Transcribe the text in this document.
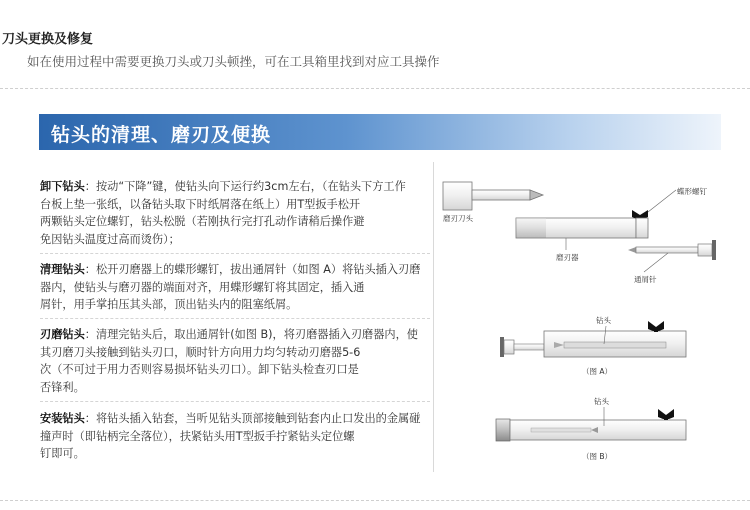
刀头更换及修复
如在使用过程中需要更换刀头或刀头顿挫，可在工具箱里找到对应工具操作
钻头的清理、磨刃及便换
卸下钻头：按动“下降”键，使钻头向下运行约3cm左右，（在钻头下方工作
台板上垫一张纸，以备钻头取下时纸屑落在纸上）用T型扳手松开
两颗钻头定位螺钉，钻头松脱（若刚执行完打孔动作请稍后操作避
免因钻头温度过高而烫伤）；
清理钻头：松开刃磨器上的蝶形螺钉，拔出通屑针（如图 A）将钻头插入刃磨
器内，使钻头与磨刃器的端面对齐，用蝶形螺钉将其固定，插入通
屑针，用手掌拍压其头部，顶出钻头内的阻塞纸屑。
刃磨钻头：清理完钻头后，取出通屑针(如图 B)，将刃磨器插入刃磨器内，使
其刃磨刀头接触到钻头刃口，顺时针方向用力均匀转动刃磨器5-6
次（不可过于用力否则容易损坏钻头刃口）。卸下钻头检查刃口是
否锋利。
安装钻头：将钻头插入钻套，当听见钻头顶部接触到钻套内止口发出的金属碰
撞声时（即钻柄完全落位），扶紧钻头用T型扳手拧紧钻头定位螺
钉即可。
磨刃刀头
蝶形螺钉
磨刃器
通屑针
钻头
（图 A）
钻头
（图 B）
